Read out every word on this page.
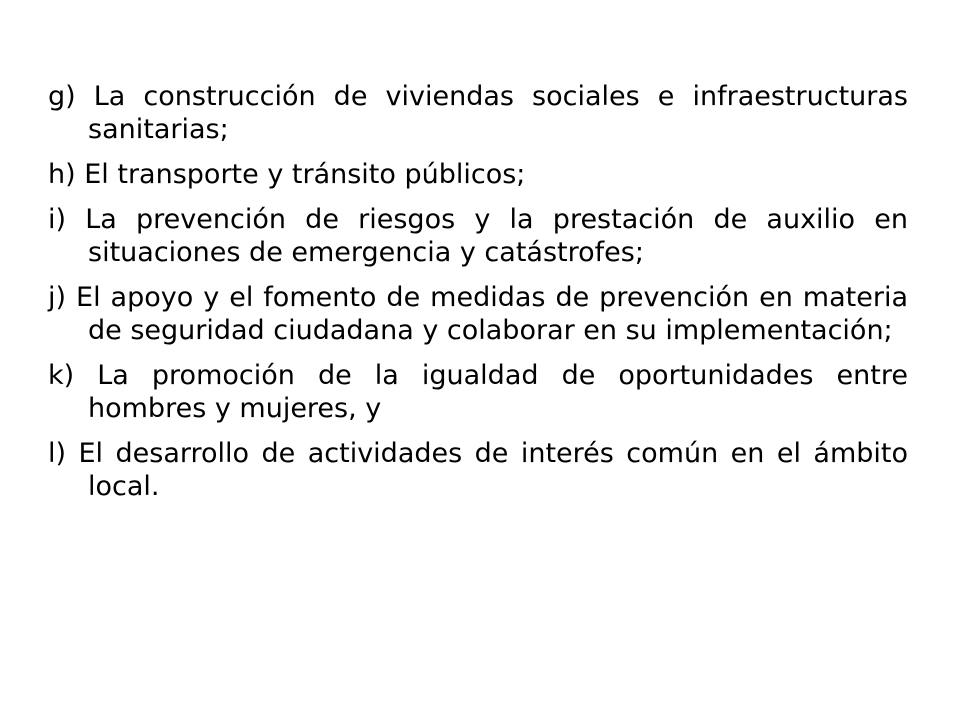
g) La construcción de viviendas sociales e infraestructuras sanitarias;
h) El transporte y tránsito públicos;
i) La prevención de riesgos y la prestación de auxilio en situaciones de emergencia y catástrofes;
j) El apoyo y el fomento de medidas de prevención en materia de seguridad ciudadana y colaborar en su implementación;
k) La promoción de la igualdad de oportunidades entre hombres y mujeres, y
l) El desarrollo de actividades de interés común en el ámbito local.
